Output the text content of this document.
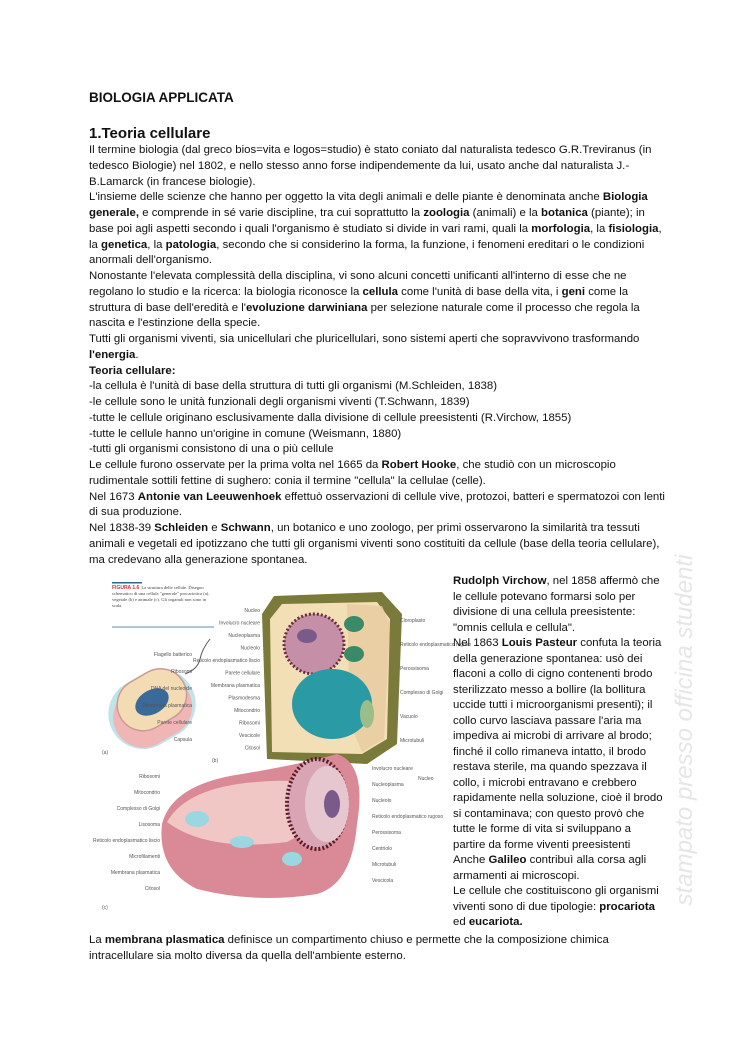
BIOLOGIA APPLICATA
1.Teoria cellulare

Il termine biologia (dal greco bios=vita e logos=studio) è stato coniato dal naturalista tedesco G.R.Treviranus (in tedesco Biologie) nel 1802, e nello stesso anno forse indipendemente da lui, usato anche dal naturalista J.-B.Lamarck (in francese biologie).

L'insieme delle scienze che hanno per oggetto la vita degli animali e delle piante è denominata anche Biologia generale, e comprende in sé varie discipline, tra cui soprattutto la zoologia (animali) e la botanica (piante); in base poi agli aspetti secondo i quali l'organismo è studiato si divide in vari rami, quali la morfologia, la fisiologia, la genetica, la patologia, secondo che si considerino la forma, la funzione, i fenomeni ereditari o le condizioni anormali dell'organismo.

Nonostante l'elevata complessità della disciplina, vi sono alcuni concetti unificanti all'interno di esse che ne regolano lo studio e la ricerca: la biologia riconosce la cellula come l'unità di base della vita, i geni come la struttura di base dell'eredità e l'evoluzione darwiniana per selezione naturale come il processo che regola la nascita e l'estinzione della specie.

Tutti gli organismi viventi, sia unicellulari che pluricellulari, sono sistemi aperti che sopravvivono trasformando l'energia.

Teoria cellulare:

-la cellula è l'unità di base della struttura di tutti gli organismi (M.Schleiden, 1838)

-le cellule sono le unità funzionali degli organismi viventi (T.Schwann, 1839)

-tutte le cellule originano esclusivamente dalla divisione di cellule preesistenti (R.Virchow, 1855)

-tutte le cellule hanno un'origine in comune (Weismann, 1880)

-tutti gli organismi consistono di una o più cellule

Le cellule furono osservate per la prima volta nel 1665 da Robert Hooke, che studiò con un microscopio rudimentale sottili fettine di sughero: conia il termine "cellula" la cellulae (celle).

Nel 1673 Antonie van Leeuwenhoek effettuò osservazioni di cellule vive, protozoi, batteri e spermatozoi con lenti di sua produzione.

Nel 1838-39 Schleiden e Schwann, un botanico e uno zoologo, per primi osservarono la similarità tra tessuti animali e vegetali ed ipotizzano che tutti gli organismi viventi sono costituiti da cellule (base della teoria cellulare), ma credevano alla generazione spontanea.

FIGURA 1.6 La struttura delle cellule. Disegno schematico di una cellula "generale" procariotica (a), vegetale (b) e animale (c). Gli organuli non sono in scala.
(a)
(b)
(c)
Flagello batterico
Ribosomi
DNA del nucleoide
Membrana plasmatica
Parete cellulare
Capsula
Nucleo
Involucro nucleare
Nucleoplasma
Nucleolo
Reticolo endoplasmatico liscio
Parete cellulare
Membrana plasmatica
Plasmodesma
Mitocondrio
Ribosomi
Vescicole
Citosol
Cloroplasto
Reticolo endoplasmatico rugoso
Perossisoma
Complesso di Golgi
Vacuolo
Microtubuli
Ribosomi
Mitocondrio
Complesso di Golgi
Lisosoma
Reticolo endoplasmatico liscio
Microfilamenti
Membrana plasmatica
Citosol
Involucro nucleare
Nucleoplasma
Nucleolo
Reticolo endoplasmatico rugoso
Perossisoma
Centriolo
Microtubuli
Vescicola
Nucleo

Rudolph Virchow, nel 1858 affermò che le cellule potevano formarsi solo per divisione di una cellula preesistente: "omnis cellula e cellula".

Nel 1863 Louis Pasteur confuta la teoria della generazione spontanea: usò dei flaconi a collo di cigno contenenti brodo sterilizzato messo a bollire (la bollitura uccide tutti i microorganismi presenti); il collo curvo lasciava passare l'aria ma impediva ai microbi di arrivare al brodo; finché il collo rimaneva intatto, il brodo restava sterile, ma quando spezzava il collo, i microbi entravano e crebbero rapidamente nella soluzione, cioè il brodo si contaminava; con questo provò che tutte le forme di vita si sviluppano a partire da forme viventi preesistenti

Anche Galileo contribuì alla corsa agli armamenti ai microscopi.

Le cellule che costituiscono gli organismi viventi sono di due tipologie: procariota ed eucariota.

La membrana plasmatica definisce un compartimento chiuso e permette che la composizione chimica intracellulare sia molto diversa da quella dell'ambiente esterno.

stampato presso officina studenti
